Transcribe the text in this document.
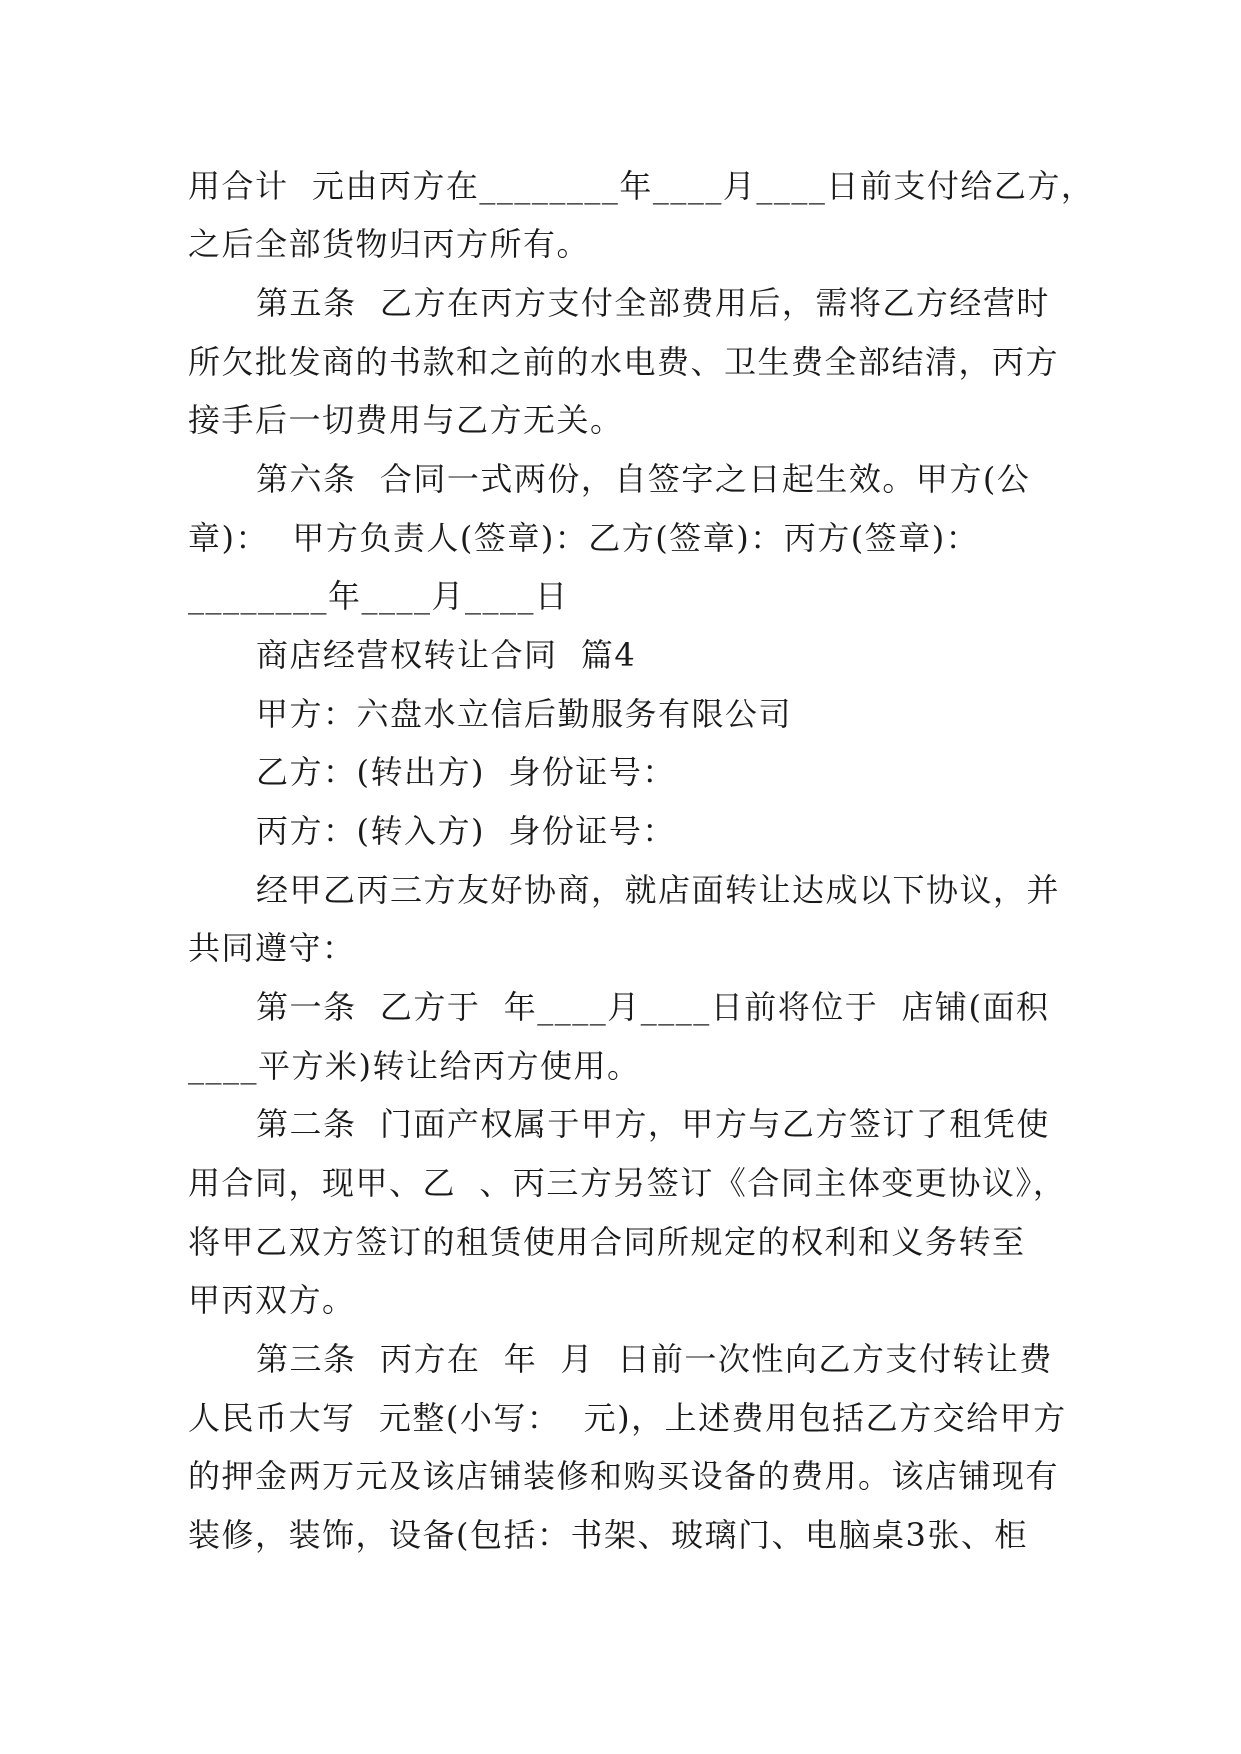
用合计  元由丙方在________年____月____日前支付给乙方，
之后全部货物归丙方所有。
第五条  乙方在丙方支付全部费用后，需将乙方经营时
所欠批发商的书款和之前的水电费、卫生费全部结清，丙方
接手后一切费用与乙方无关。
第六条  合同一式两份，自签字之日起生效。甲方(公
章)：  甲方负责人(签章)：乙方(签章)：丙方(签章)：
________年____月____日
商店经营权转让合同  篇4
甲方：六盘水立信后勤服务有限公司
乙方：(转出方)  身份证号：
丙方：(转入方)  身份证号：
经甲乙丙三方友好协商，就店面转让达成以下协议，并
共同遵守：
第一条  乙方于  年____月____日前将位于  店铺(面积
____平方米)转让给丙方使用。
第二条  门面产权属于甲方，甲方与乙方签订了租凭使
用合同，现甲、乙  、丙三方另签订《合同主体变更协议》，
将甲乙双方签订的租赁使用合同所规定的权利和义务转至
甲丙双方。
第三条  丙方在  年  月  日前一次性向乙方支付转让费
人民币大写  元整(小写：  元)，上述费用包括乙方交给甲方
的押金两万元及该店铺装修和购买设备的费用。该店铺现有
装修，装饰，设备(包括：书架、玻璃门、电脑桌3张、柜
